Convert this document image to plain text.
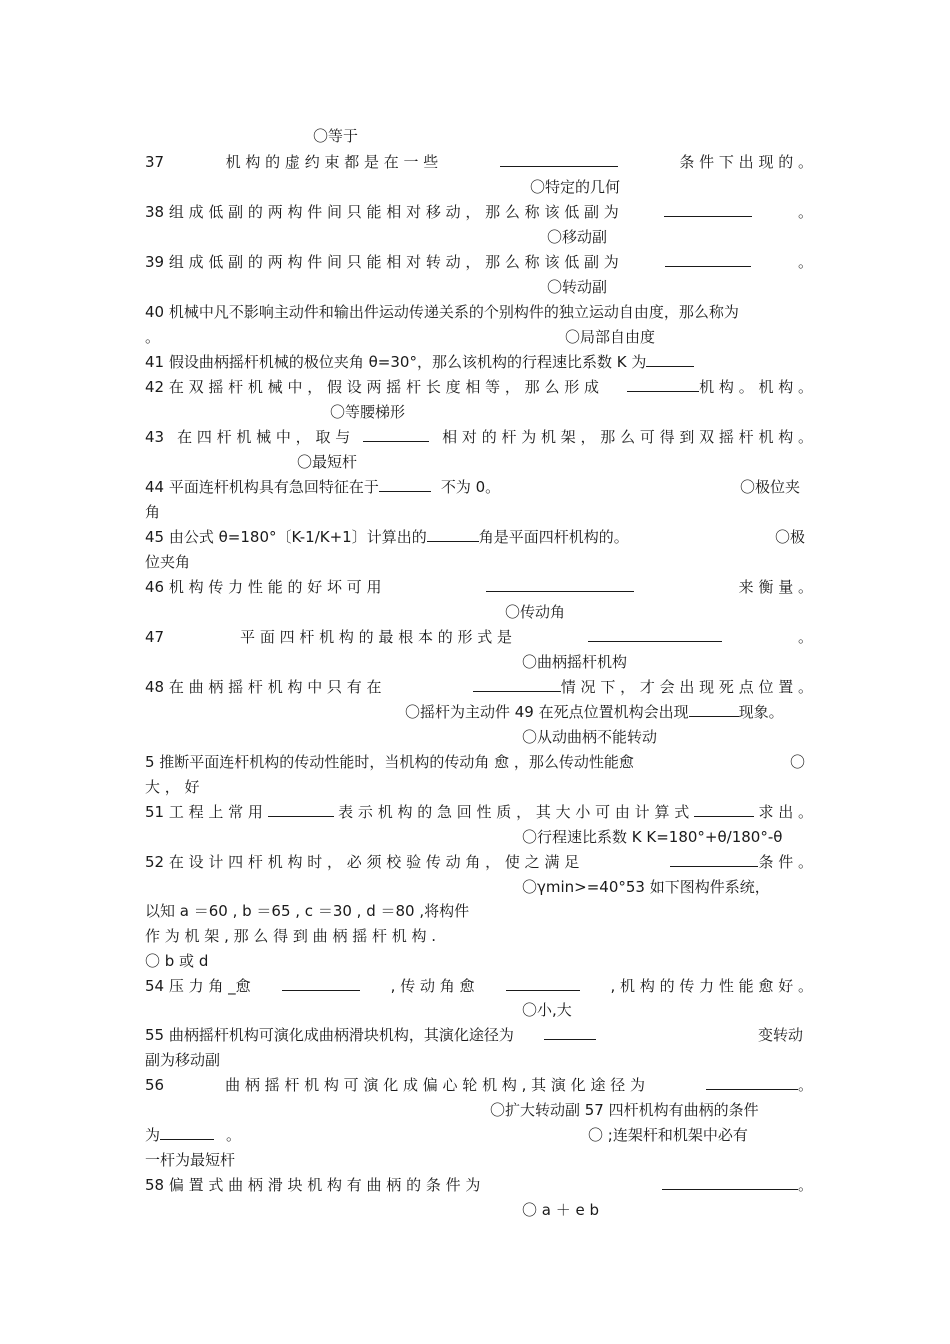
〇等于
37	机 构 的 虚 约 束 都 是 在 一 些	条 件 下 出 现 的 。
〇特定的几何
38 组 成 低 副 的 两 构 件 间 只 能 相 对 移 动 ， 那 么 称 该 低 副 为	。
〇移动副
39 组 成 低 副 的 两 构 件 间 只 能 相 对 转 动 ， 那 么 称 该 低 副 为	。
〇转动副
40 机械中凡不影响主动件和输出件运动传递关系的个别构件的独立运动自由度，那么称为
。	〇局部自由度
41 假设曲柄摇杆机械的极位夹角 θ=30°，那么该机构的行程速比系数 K 为
42 在 双 摇 杆 机 械 中 ， 假 设 两 摇 杆 长 度 相 等 ， 那 么 形 成	机 构 。 机 构 。
〇等腰梯形
43 在 四 杆 机 械 中 ， 取 与	相 对 的 杆 为 机 架 ， 那 么 可 得 到 双 摇 杆 机 构 。
〇最短杆
44 平面连杆机构具有急回特征在于	不为 0。	〇极位夹
角
45 由公式 θ=180°〔K-1/K+1〕计算出的	角是平面四杆机构的。	〇极
位夹角
46 机 构 传 力 性 能 的 好 坏 可 用	来 衡 量 。
〇传动角
47	平 面 四 杆 机 构 的 最 根 本 的 形 式 是	。
〇曲柄摇杆机构
48 在 曲 柄 摇 杆 机 构 中 只 有 在	情 况 下 ， 才 会 出 现 死 点 位 置 。
〇摇杆为主动件 49 在死点位置机构会出现	现象。
〇从动曲柄不能转动
5 推断平面连杆机构的传动性能时，当机构的传动角 愈 ，那么传动性能愈	〇
大 ， 好
51 工 程 上 常 用	表 示 机 构 的 急 回 性 质 ， 其 大 小 可 由 计 算 式	求 出 。
〇行程速比系数 K K=180°+θ/180°-θ
52 在 设 计 四 杆 机 构 时 ， 必 须 校 验 传 动 角 ， 使 之 满 足	条 件 。
〇γmin>=40°53 如下图构件系统，
以知 a ＝60 , b ＝65 , c ＝30 , d ＝80 ,将构件
作 为 机 架 , 那 么 得 到 曲 柄 摇 杆 机 构 .
〇 b 或 d
54 压 力 角 _愈	, 传 动 角 愈	, 机 构 的 传 力 性 能 愈 好 。
〇小,大
55 曲柄摇杆机构可演化成曲柄滑块机构，其演化途径为	变转动
副为移动副
56	曲 柄 摇 杆 机 构 可 演 化 成 偏 心 轮 机 构 , 其 演 化 途 径 为	。
〇扩大转动副 57 四杆机构有曲柄的条件
为	。	〇 ;连架杆和机架中必有
一杆为最短杆
58 偏 置 式 曲 柄 滑 块 机 构 有 曲 柄 的 条 件 为	。
〇 a ＋ e b
